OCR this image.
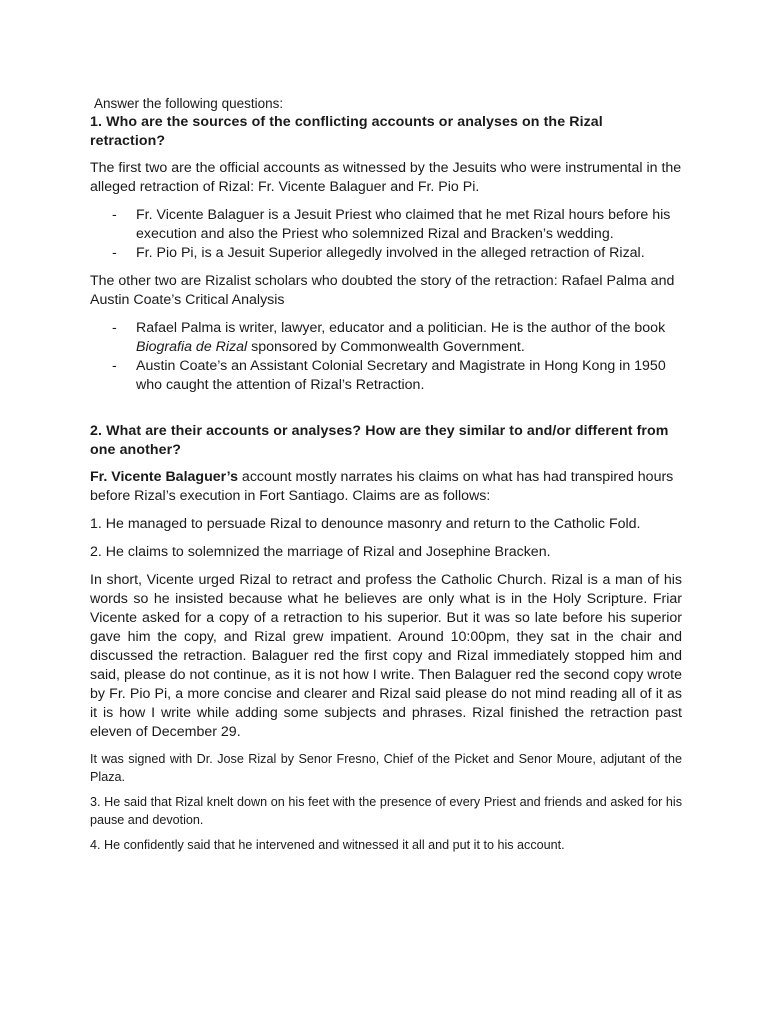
Answer the following questions:

1. Who are the sources of the conflicting accounts or analyses on the Rizal retraction?

The first two are the official accounts as witnessed by the Jesuits who were instrumental in the alleged retraction of Rizal: Fr. Vicente Balaguer and Fr. Pio Pi.

- Fr. Vicente Balaguer is a Jesuit Priest who claimed that he met Rizal hours before his execution and also the Priest who solemnized Rizal and Bracken’s wedding.
- Fr. Pio Pi, is a Jesuit Superior allegedly involved in the alleged retraction of Rizal.

The other two are Rizalist scholars who doubted the story of the retraction: Rafael Palma and Austin Coate’s Critical Analysis

- Rafael Palma is writer, lawyer, educator and a politician. He is the author of the book Biografia de Rizal sponsored by Commonwealth Government.
- Austin Coate’s an Assistant Colonial Secretary and Magistrate in Hong Kong in 1950 who caught the attention of Rizal’s Retraction.

2. What are their accounts or analyses? How are they similar to and/or different from one another?

Fr. Vicente Balaguer’s account mostly narrates his claims on what has had transpired hours before Rizal’s execution in Fort Santiago. Claims are as follows:

1. He managed to persuade Rizal to denounce masonry and return to the Catholic Fold.

2. He claims to solemnized the marriage of Rizal and Josephine Bracken.

In short, Vicente urged Rizal to retract and profess the Catholic Church. Rizal is a man of his words so he insisted because what he believes are only what is in the Holy Scripture. Friar Vicente asked for a copy of a retraction to his superior. But it was so late before his superior gave him the copy, and Rizal grew impatient. Around 10:00pm, they sat in the chair and discussed the retraction. Balaguer red the first copy and Rizal immediately stopped him and said, please do not continue, as it is not how I write. Then Balaguer red the second copy wrote by Fr. Pio Pi, a more concise and clearer and Rizal said please do not mind reading all of it as it is how I write while adding some subjects and phrases. Rizal finished the retraction past eleven of December 29.

It was signed with Dr. Jose Rizal by Senor Fresno, Chief of the Picket and Senor Moure, adjutant of the Plaza.

3. He said that Rizal knelt down on his feet with the presence of every Priest and friends and asked for his pause and devotion.

4. He confidently said that he intervened and witnessed it all and put it to his account.
